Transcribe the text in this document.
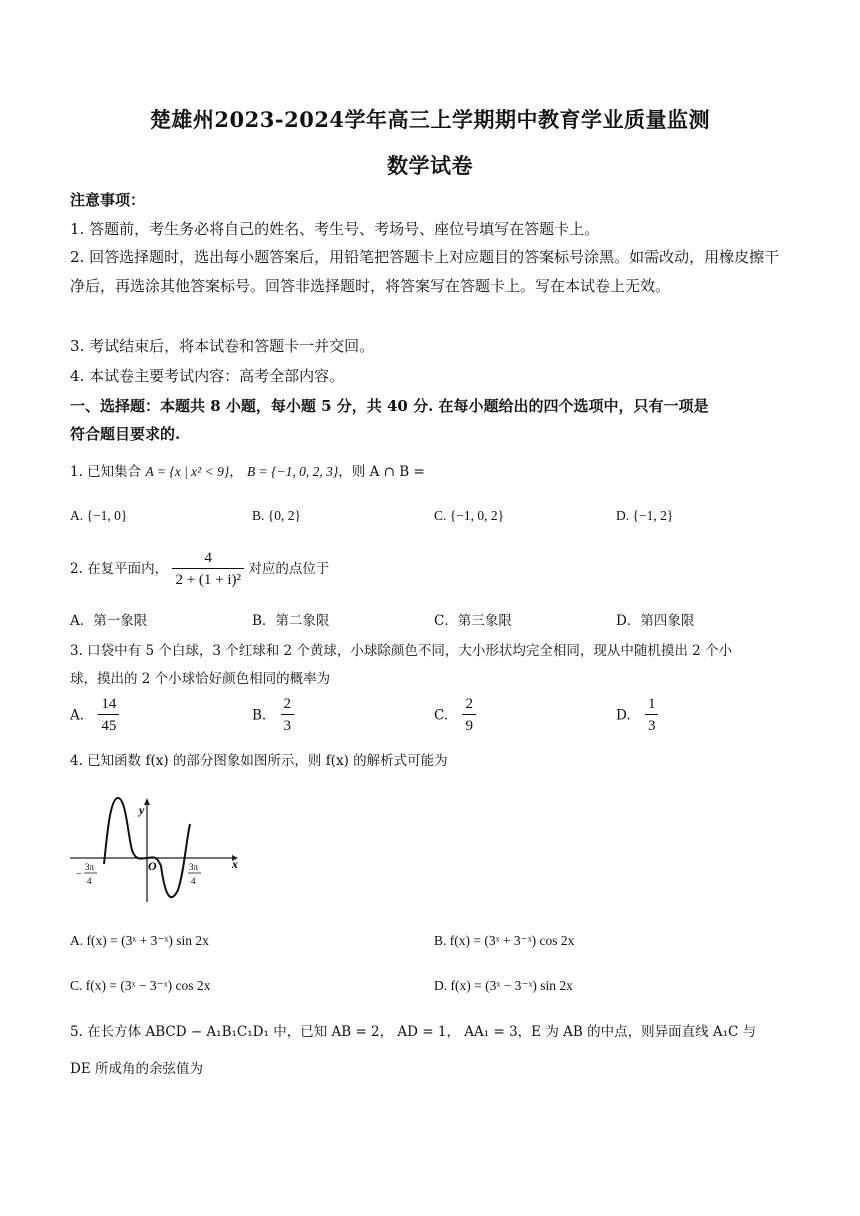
楚雄州2023-2024学年高三上学期期中教育学业质量监测
数学试卷
注意事项：
1. 答题前，考生务必将自己的姓名、考生号、考场号、座位号填写在答题卡上。
2. 回答选择题时，选出每小题答案后，用铅笔把答题卡上对应题目的答案标号涂黑。如需改动，用橡皮擦干净后，再选涂其他答案标号。回答非选择题时，将答案写在答题卡上。写在本试卷上无效。
3. 考试结束后，将本试卷和答题卡一并交回。
4. 本试卷主要考试内容：高考全部内容。
一、选择题：本题共 8 小题，每小题 5 分，共 40 分. 在每小题给出的四个选项中，只有一项是
符合题目要求的.
1. 已知集合 A = {x | x² < 9}， B = {−1, 0, 2, 3}，则 A ∩ B =
A. {−1, 0}	B. {0, 2}	C. {−1, 0, 2}	D. {−1, 2}
2. 在复平面内， $\frac{4}{\text{2 + (1 + i)²}}$ 对应的点位于
A．第一象限	B．第二象限	C．第三象限	D．第四象限
3. 口袋中有 5 个白球，3 个红球和 2 个黄球，小球除颜色不同，大小形状均完全相同，现从中随机摸出 2 个小
球，摸出的 2 个小球恰好颜色相同的概率为
A. $\frac{14}{45}$	B. $\frac{2}{3}$	C. $\frac{2}{9}$	D. $\frac{1}{3}$
4. 已知函数 f(x) 的部分图象如图所示，则 f(x) 的解析式可能为
y
x
O
−
3π
4
3π
4
A. f(x) = (3ˣ + 3⁻ˣ) sin 2x	B. f(x) = (3ˣ + 3⁻ˣ) cos 2x
C. f(x) = (3ˣ − 3⁻ˣ) cos 2x	D. f(x) = (3ˣ − 3⁻ˣ) sin 2x
5. 在长方体 ABCD − A₁B₁C₁D₁ 中，已知 AB = 2， AD = 1， AA₁ = 3，E 为 AB 的中点，则异面直线 A₁C 与
DE 所成角的余弦值为
